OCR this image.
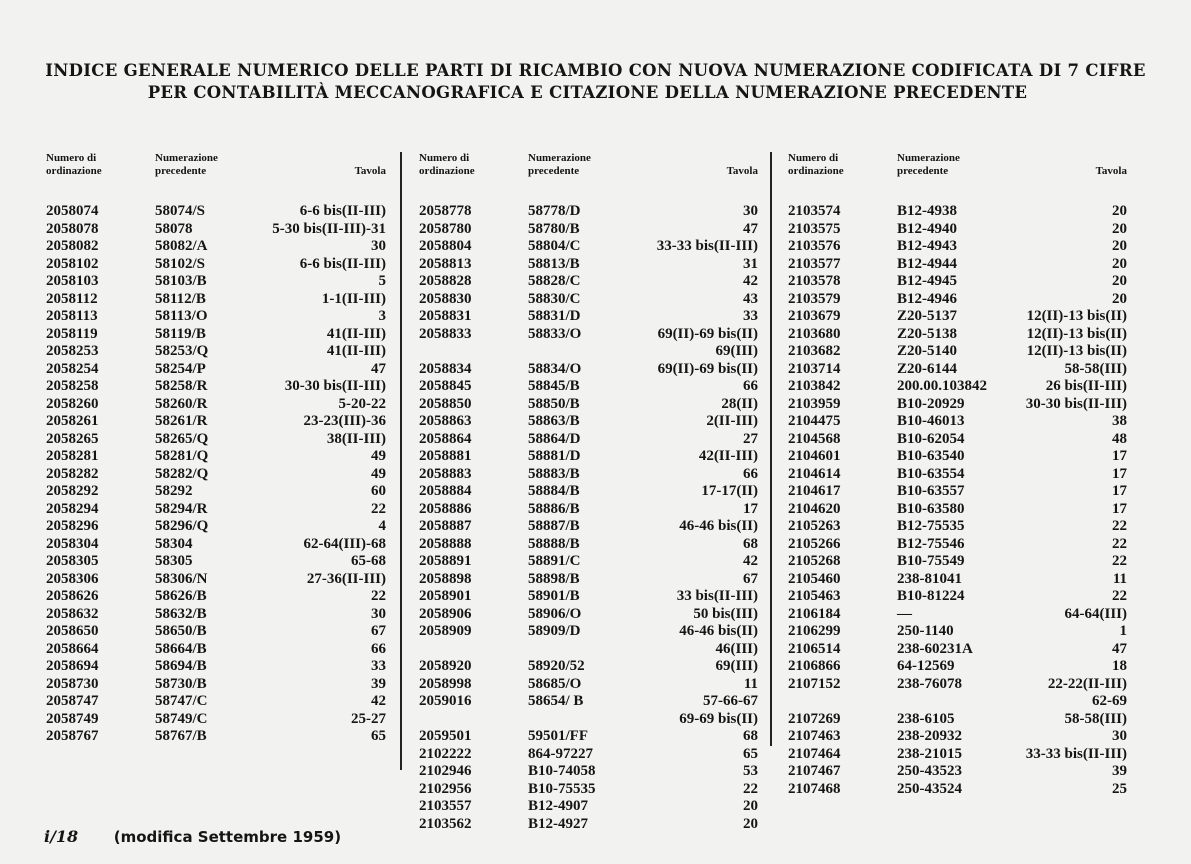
INDICE GENERALE NUMERICO DELLE PARTI DI RICAMBIO CON NUOVA NUMERAZIONE CODIFICATA DI 7 CIFRE
PER CONTABILITÀ MECCANOGRAFICA E CITAZIONE DELLA NUMERAZIONE PRECEDENTE
Numero di
ordinazione
Numerazione
precedente	Tavola
2058074	58074/S	6-6 bis(II-III)
2058078	58078	5-30 bis(II-III)-31
2058082	58082/A	30
2058102	58102/S	6-6 bis(II-III)
2058103	58103/B	5
2058112	58112/B	1-1(II-III)
2058113	58113/O	3
2058119	58119/B	41(II-III)
2058253	58253/Q	41(II-III)
2058254	58254/P	47
2058258	58258/R	30-30 bis(II-III)
2058260	58260/R	5-20-22
2058261	58261/R	23-23(III)-36
2058265	58265/Q	38(II-III)
2058281	58281/Q	49
2058282	58282/Q	49
2058292	58292	60
2058294	58294/R	22
2058296	58296/Q	4
2058304	58304	62-64(III)-68
2058305	58305	65-68
2058306	58306/N	27-36(II-III)
2058626	58626/B	22
2058632	58632/B	30
2058650	58650/B	67
2058664	58664/B	66
2058694	58694/B	33
2058730	58730/B	39
2058747	58747/C	42
2058749	58749/C	25-27
2058767	58767/B	65
Numero di
ordinazione
Numerazione
precedente	Tavola
2058778	58778/D	30
2058780	58780/B	47
2058804	58804/C	33-33 bis(II-III)
2058813	58813/B	31
2058828	58828/C	42
2058830	58830/C	43
2058831	58831/D	33
2058833	58833/O	69(II)-69 bis(II)
69(III)
2058834	58834/O	69(II)-69 bis(II)
2058845	58845/B	66
2058850	58850/B	28(II)
2058863	58863/B	2(II-III)
2058864	58864/D	27
2058881	58881/D	42(II-III)
2058883	58883/B	66
2058884	58884/B	17-17(II)
2058886	58886/B	17
2058887	58887/B	46-46 bis(II)
2058888	58888/B	68
2058891	58891/C	42
2058898	58898/B	67
2058901	58901/B	33 bis(II-III)
2058906	58906/O	50 bis(III)
2058909	58909/D	46-46 bis(II)
46(III)
2058920	58920/52	69(III)
2058998	58685/O	11
2059016	58654/ B	57-66-67
69-69 bis(II)
2059501	59501/FF	68
2102222	864-97227	65
2102946	B10-74058	53
2102956	B10-75535	22
2103557	B12-4907	20
2103562	B12-4927	20
Numero di
ordinazione
Numerazione
precedente	Tavola
2103574	B12-4938	20
2103575	B12-4940	20
2103576	B12-4943	20
2103577	B12-4944	20
2103578	B12-4945	20
2103579	B12-4946	20
2103679	Z20-5137	12(II)-13 bis(II)
2103680	Z20-5138	12(II)-13 bis(II)
2103682	Z20-5140	12(II)-13 bis(II)
2103714	Z20-6144	58-58(III)
2103842	200.00.103842	26 bis(II-III)
2103959	B10-20929	30-30 bis(II-III)
2104475	B10-46013	38
2104568	B10-62054	48
2104601	B10-63540	17
2104614	B10-63554	17
2104617	B10-63557	17
2104620	B10-63580	17
2105263	B12-75535	22
2105266	B12-75546	22
2105268	B10-75549	22
2105460	238-81041	11
2105463	B10-81224	22
2106184	—	64-64(III)
2106299	250-1140	1
2106514	238-60231A	47
2106866	64-12569	18
2107152	238-76078	22-22(II-III)
62-69
2107269	238-6105	58-58(III)
2107463	238-20932	30
2107464	238-21015	33-33 bis(II-III)
2107467	250-43523	39
2107468	250-43524	25
i/18 (modifica Settembre 1959)
